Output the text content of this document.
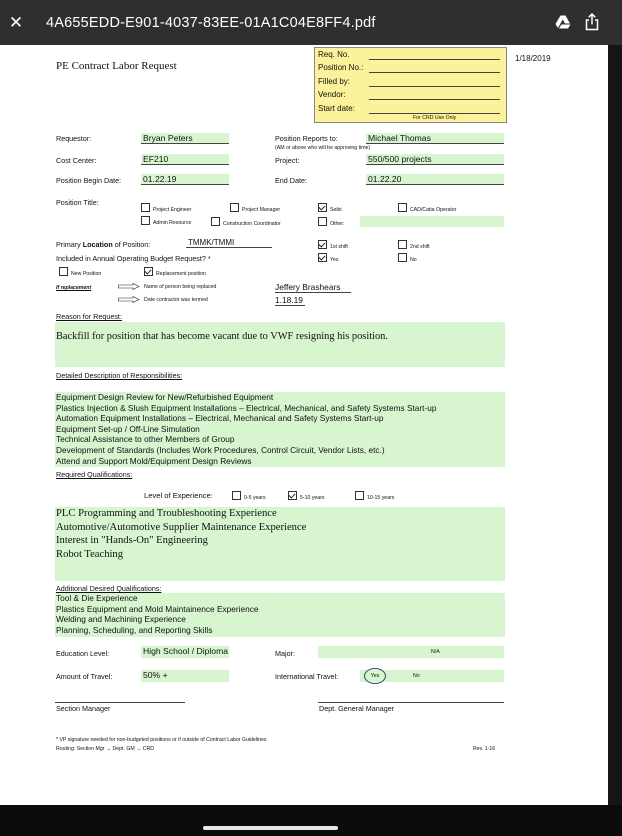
✕ 4A655EDD-E901-4037-83EE-01A1C04E8FF4.pdf
PE Contract Labor Request
1/18/2019
Req. No.
Position No.:
Filled by:
Vendor:
Start date:
For CRD Use Only
Requestor:	Bryan Peters	Position Reports to:	Michael Thomas
(AM or above who will be approving time)
Cost Center:	EF210	Project:	550/500 projects
Position Begin Date:	01.22.19	End Date:	01.22.20
Position Title:
Project Engineer	Project Manager	Seibi	CAD/Catia Operator
Admin Resource	Construction Coordinator	Other:
Primary Location of Position:	TMMK/TMMI	1st shift	2nd shift
Included in Annual Operating Budget Request? *	Yes	No
New Position	Replacement position
If replacement	Name of person being replaced	Jeffery Brashears
Date contractor was termed	1.18.19
Reason for Request:
Backfill for position that has become vacant due to VWF resigning his position.
Detailed Description of Responsibilities:

Equipment Design Review for New/Refurbished Equipment

Plastics Injection & Slush Equipment Installations – Electrical, Mechanical, and Safety Systems Start-up

Automation Equipment Installations – Electrical, Mechanical and Safety Systems Start-up

Equipment Set-up / Off-Line Simulation

Technical Assistance to other Members of Group

Development of Standards (Includes Work Procedures, Control Circuit, Vendor Lists, etc.)

Attend and Support Mold/Equipment Design Reviews

Required Qualifications:
Level of Experience:	0-5 years	5-10 years	10-15 years

PLC Programming and Troubleshooting Experience

Automotive/Automotive Supplier Maintenance Experience

Interest in "Hands-On" Engineering

Robot Teaching

Additional Desired Qualifications:

Tool & Die Experience

Plastics Equipment and Mold Maintainence Experience

Welding and Machining Experience

Planning, Scheduling, and Reporting Skills

Education Level:	High School / Diploma	Major:	N/A
Amount of Travel:	50% +	International Travel:	Yes	No
Section Manager	Dept. General Manager
* VP signature needed for non-budgeted positions or if outside of Contract Labor Guidelines
Routing: Section Mgr → Dept. GM → CRD	Rev. 1-16
